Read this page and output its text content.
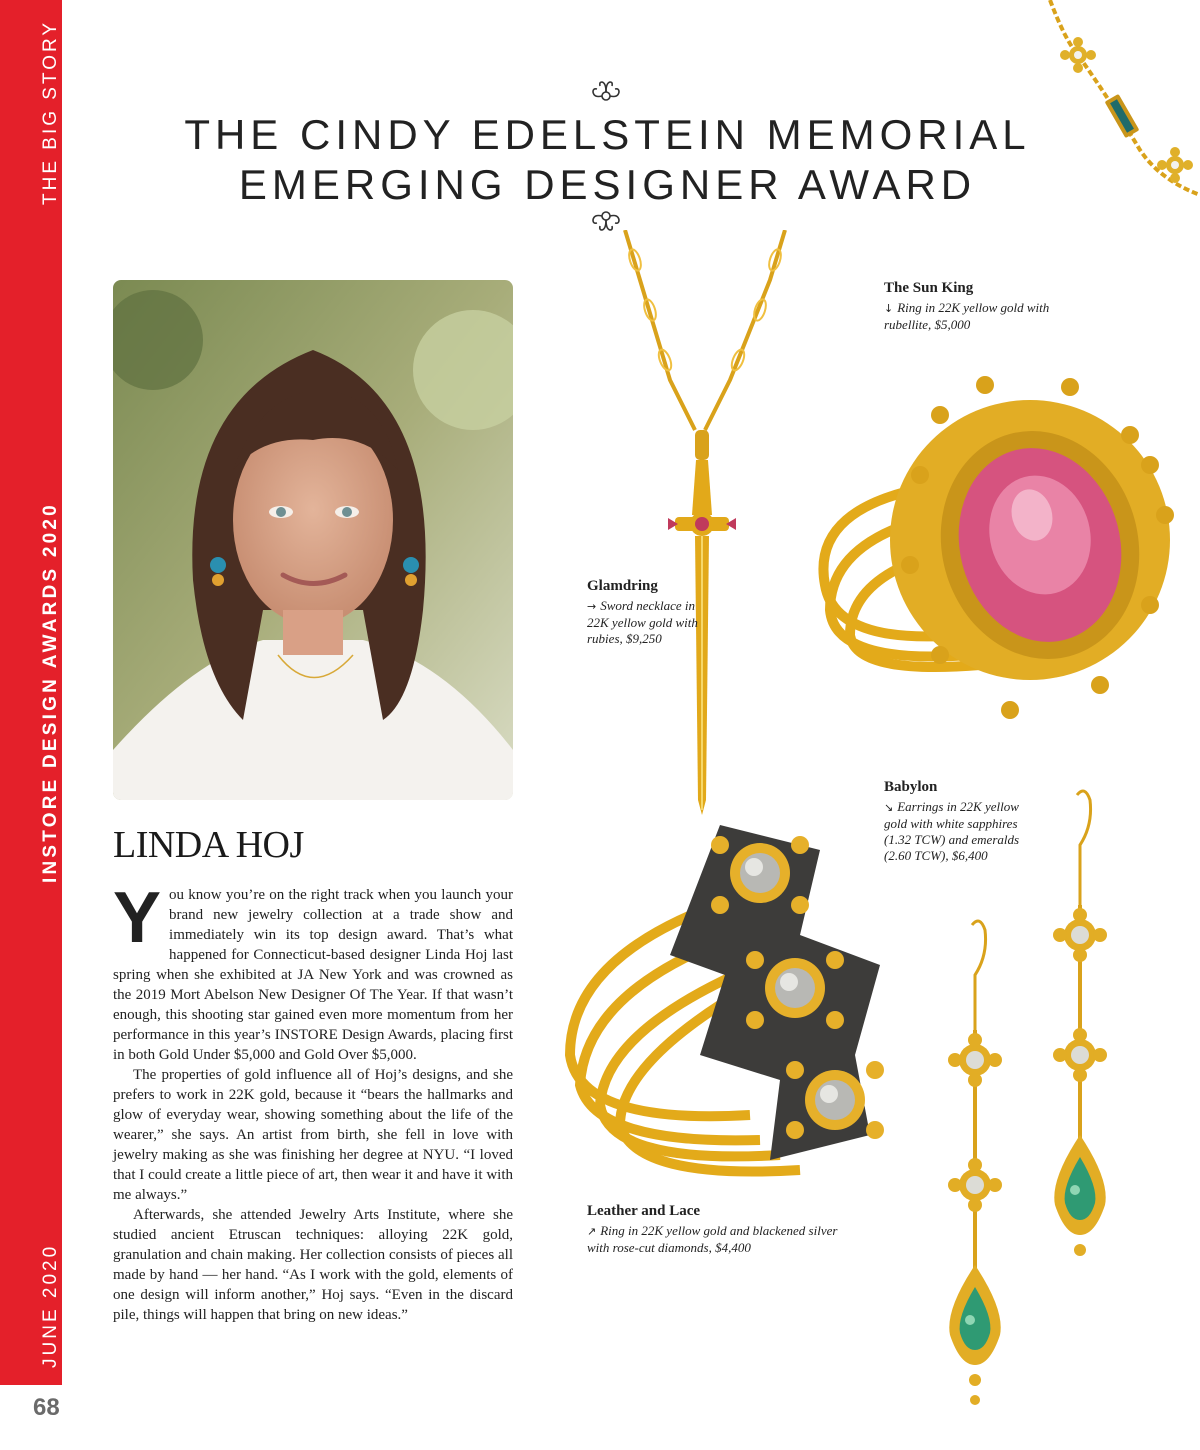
THE BIG STORY
INSTORE DESIGN AWARDS 2020
JUNE 2020
68
THE CINDY EDELSTEIN MEMORIAL
EMERGING DESIGNER AWARD
LINDA HOJ

You know you’re on the right track when you launch your brand new jewelry collection at a trade show and immediately win its top design award. That’s what happened for Connecticut-based designer Linda Hoj last spring when she exhibited at JA New York and was crowned as the 2019 Mort Abelson New Designer Of The Year. If that wasn’t enough, this shooting star gained even more momentum from her performance in this year’s INSTORE Design Awards, placing first in both Gold Under $5,000 and Gold Over $5,000.

The properties of gold influence all of Hoj’s designs, and she prefers to work in 22K gold, because it “bears the hallmarks and glow of everyday wear, showing something about the life of the wearer,” she says. An artist from birth, she fell in love with jewelry making as she was finishing her degree at NYU. “I loved that I could create a little piece of art, then wear it and have it with me always.”

Afterwards, she attended Jewelry Arts Institute, where she studied ancient Etruscan techniques: alloying 22K gold, granulation and chain making. Her collection consists of pieces all made by hand — her hand. “As I work with the gold, elements of one design will inform another,” Hoj says. “Even in the discard pile, things will happen that bring on new ideas.”

The Sun King
↓ Ring in 22K yellow gold with rubellite, $5,000
Glamdring
→ Sword necklace in 22K yellow gold with rubies, $9,250
Babylon
↘ Earrings in 22K yellow gold with white sapphires (1.32 TCW) and emeralds (2.60 TCW), $6,400
Leather and Lace
↗ Ring in 22K yellow gold and blackened silver with rose-cut diamonds, $4,400
